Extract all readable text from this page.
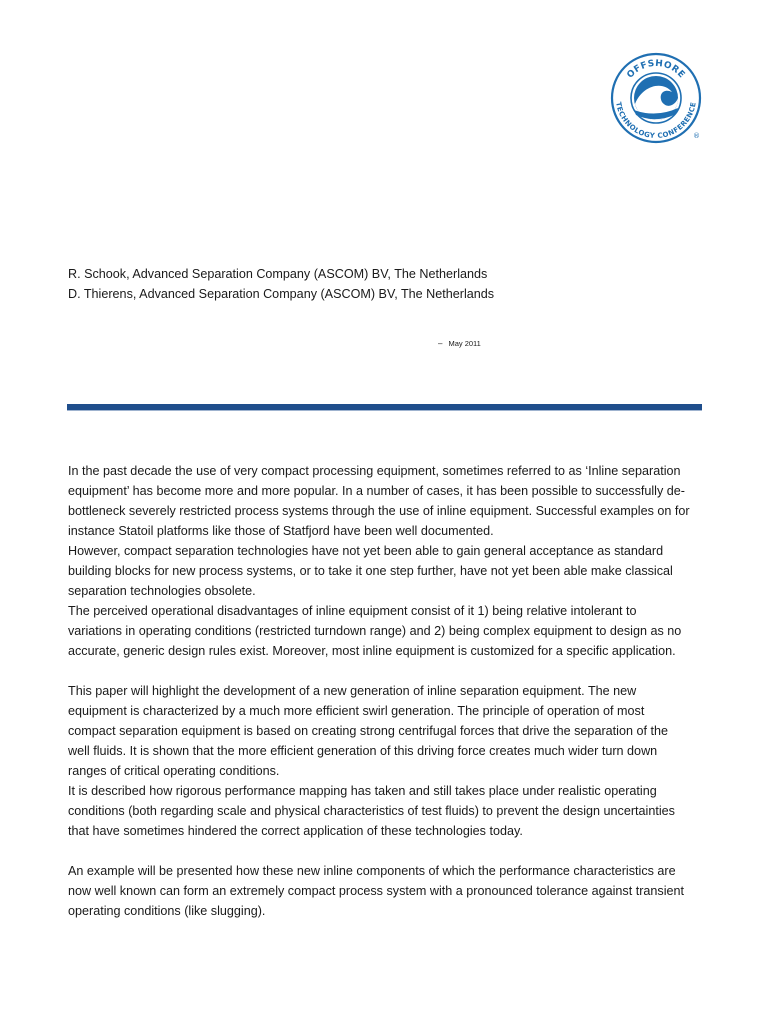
OFFSHORE
TECHNOLOGY CONFERENCE
®
R. Schook, Advanced Separation Company (ASCOM) BV, The Netherlands
D. Thierens, Advanced Separation Company (ASCOM) BV, The Netherlands
– May 2011
In the past decade the use of very compact processing equipment, sometimes referred to as ‘Inline separation
equipment’ has become more and more popular. In a number of cases, it has been possible to successfully de-
bottleneck severely restricted process systems through the use of inline equipment. Successful examples on for
instance Statoil platforms like those of Statfjord have been well documented.
However, compact separation technologies have not yet been able to gain general acceptance as standard
building blocks for new process systems, or to take it one step further, have not yet been able make classical
separation technologies obsolete.
The perceived operational disadvantages of inline equipment consist of it 1) being relative intolerant to
variations in operating conditions (restricted turndown range) and 2) being complex equipment to design as no
accurate, generic design rules exist. Moreover, most inline equipment is customized for a specific application.
This paper will highlight the development of a new generation of inline separation equipment. The new
equipment is characterized by a much more efficient swirl generation. The principle of operation of most
compact separation equipment is based on creating strong centrifugal forces that drive the separation of the
well fluids. It is shown that the more efficient generation of this driving force creates much wider turn down
ranges of critical operating conditions.
It is described how rigorous performance mapping has taken and still takes place under realistic operating
conditions (both regarding scale and physical characteristics of test fluids) to prevent the design uncertainties
that have sometimes hindered the correct application of these technologies today.
An example will be presented how these new inline components of which the performance characteristics are
now well known can form an extremely compact process system with a pronounced tolerance against transient
operating conditions (like slugging).
